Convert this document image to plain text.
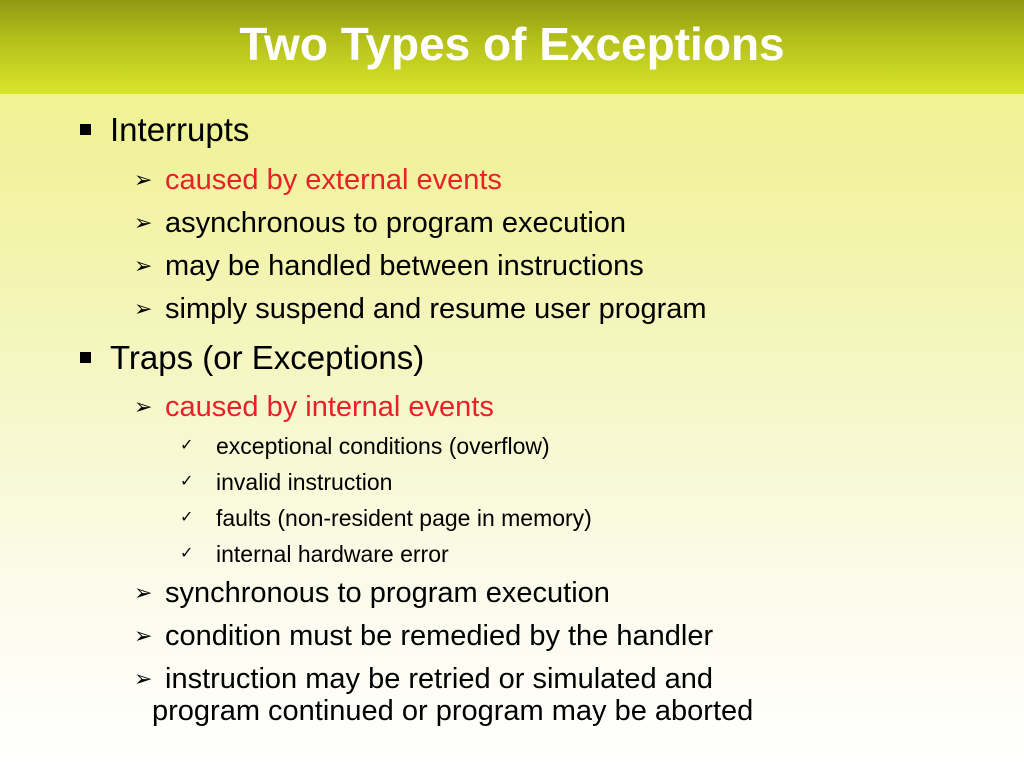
Two Types of Exceptions
Interrupts
➢ caused by external events
➢ asynchronous to program execution
➢ may be handled between instructions
➢ simply suspend and resume user program
Traps (or Exceptions)
➢ caused by internal events
✓ exceptional conditions (overflow)
✓ invalid instruction
✓ faults (non-resident page in memory)
✓ internal hardware error
➢ synchronous to program execution
➢ condition must be remedied by the handler
➢ instruction may be retried or simulated and
program continued or program may be aborted
